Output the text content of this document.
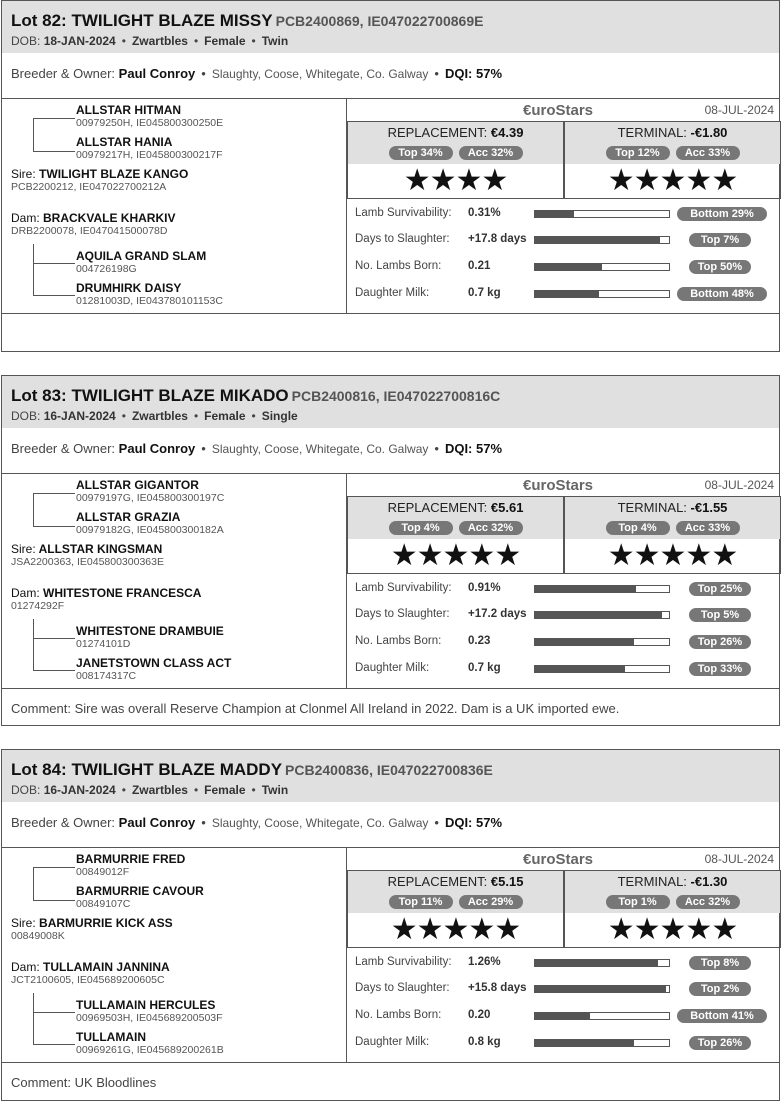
Lot 82: TWILIGHT BLAZE MISSY PCB2400869, IE047022700869E
DOB: 18-JAN-2024 • Zwartbles • Female • Twin
Breeder & Owner: Paul Conroy • Slaughty, Coose, Whitegate, Co. Galway • DQI: 57%
ALLSTAR HITMAN
00979250H, IE045800300250E
ALLSTAR HANIA
00979217H, IE045800300217F
Sire: TWILIGHT BLAZE KANGO
PCB2200212, IE047022700212A
Dam: BRACKVALE KHARKIV
DRB2200078, IE047041500078D
AQUILA GRAND SLAM
004726198G
DRUMHIRK DAISY
01281003D, IE043780101153C
€uroStars	08-JUL-2024
REPLACEMENT: €4.39
Top 34% Acc 32%
★★★★
TERMINAL: -€1.80
Top 12% Acc 33%
★★★★★
Lamb Survivability: 0.31%	Bottom 29%
Days to Slaughter: +17.8 days	Top 7%
No. Lambs Born: 0.21	Top 50%
Daughter Milk:	0.7 kg	Bottom 48%
Lot 83: TWILIGHT BLAZE MIKADO PCB2400816, IE047022700816C
DOB: 16-JAN-2024 • Zwartbles • Female • Single
Breeder & Owner: Paul Conroy • Slaughty, Coose, Whitegate, Co. Galway • DQI: 57%
ALLSTAR GIGANTOR
00979197G, IE045800300197C
ALLSTAR GRAZIA
00979182G, IE045800300182A
Sire: ALLSTAR KINGSMAN
JSA2200363, IE045800300363E
Dam: WHITESTONE FRANCESCA
01274292F
WHITESTONE DRAMBUIE
01274101D
JANETSTOWN CLASS ACT
008174317C
€uroStars	08-JUL-2024
REPLACEMENT: €5.61
Top 4%	Acc 32%
★★★★★
TERMINAL: -€1.55
Top 4%	Acc 33%
★★★★★
Lamb Survivability: 0.91%	Top 25%
Days to Slaughter: +17.2 days	Top 5%
No. Lambs Born: 0.23	Top 26%
Daughter Milk:	0.7 kg	Top 33%
Comment: Sire was overall Reserve Champion at Clonmel All Ireland in 2022. Dam is a UK imported ewe.
Lot 84: TWILIGHT BLAZE MADDY PCB2400836, IE047022700836E
DOB: 16-JAN-2024 • Zwartbles • Female • Twin
Breeder & Owner: Paul Conroy • Slaughty, Coose, Whitegate, Co. Galway • DQI: 57%
BARMURRIE FRED
00849012F
BARMURRIE CAVOUR
00849107C
Sire: BARMURRIE KICK ASS
00849008K
Dam: TULLAMAIN JANNINA
JCT2100605, IE045689200605C
TULLAMAIN HERCULES
00969503H, IE045689200503F
TULLAMAIN
00969261G, IE045689200261B
€uroStars	08-JUL-2024
REPLACEMENT: €5.15
Top 11% Acc 29%
★★★★★
TERMINAL: -€1.30
Top 1%	Acc 32%
★★★★★
Lamb Survivability: 1.26%	Top 8%
Days to Slaughter: +15.8 days	Top 2%
No. Lambs Born: 0.20	Bottom 41%
Daughter Milk:	0.8 kg	Top 26%
Comment: UK Bloodlines
